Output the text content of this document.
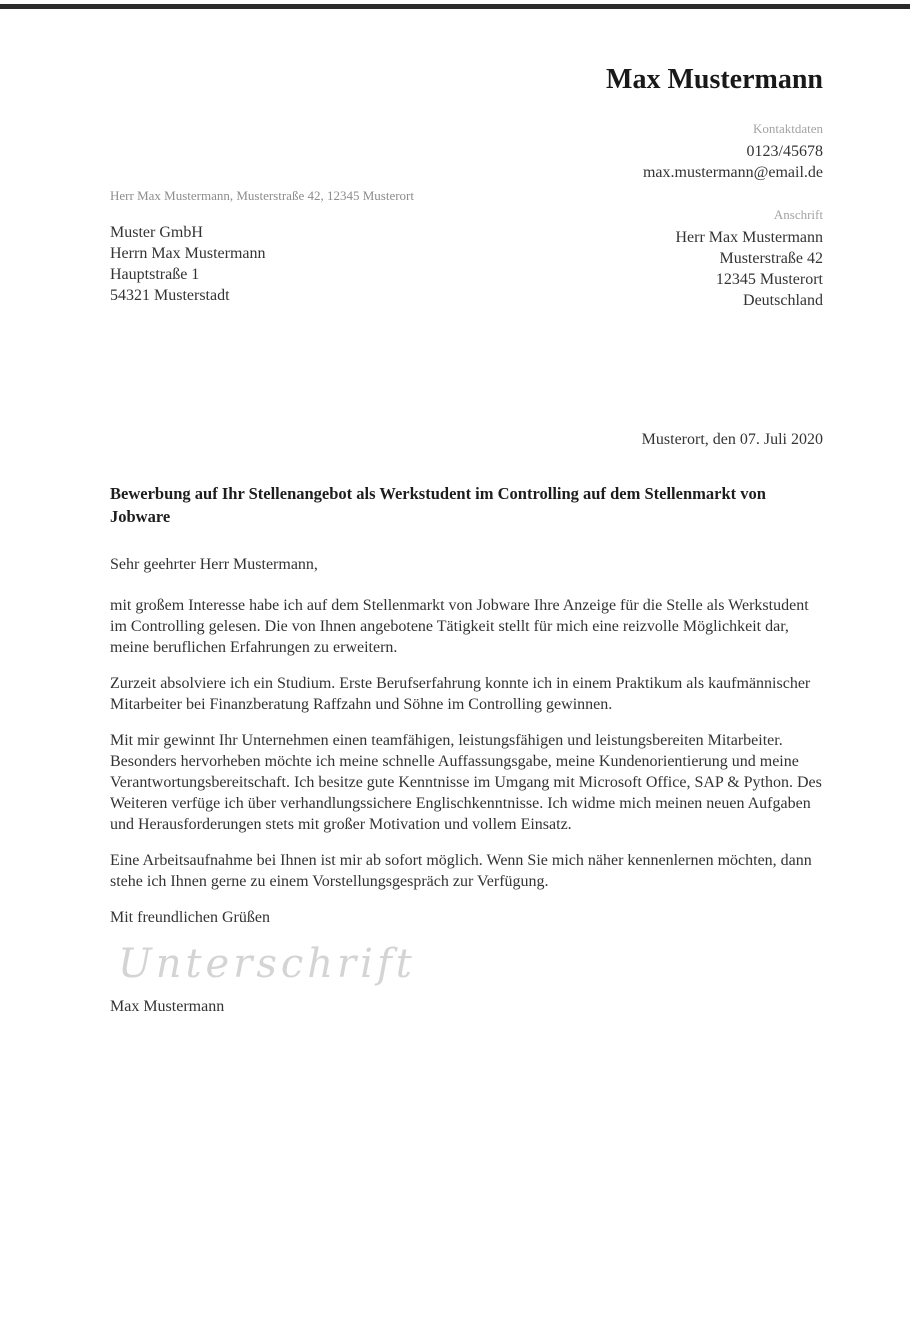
Max Mustermann
Kontaktdaten
0123/45678
max.mustermann@email.de
Herr Max Mustermann, Musterstraße 42, 12345 Musterort
Muster GmbH
Herrn Max Mustermann
Hauptstraße 1
54321 Musterstadt
Anschrift
Herr Max Mustermann
Musterstraße 42
12345 Musterort
Deutschland
Musterort, den 07. Juli 2020
Bewerbung auf Ihr Stellenangebot als Werkstudent im Controlling auf dem Stellenmarkt von Jobware
Sehr geehrter Herr Mustermann,

mit großem Interesse habe ich auf dem Stellenmarkt von Jobware Ihre Anzeige für die Stelle als Werkstudent im Controlling gelesen. Die von Ihnen angebotene Tätigkeit stellt für mich eine reizvolle Möglichkeit dar, meine beruflichen Erfahrungen zu erweitern.

Zurzeit absolviere ich ein Studium. Erste Berufserfahrung konnte ich in einem Praktikum als kaufmännischer Mitarbeiter bei Finanzberatung Raffzahn und Söhne im Controlling gewinnen.

Mit mir gewinnt Ihr Unternehmen einen teamfähigen, leistungsfähigen und leistungsbereiten Mitarbeiter. Besonders hervorheben möchte ich meine schnelle Auffassungsgabe, meine Kundenorientierung und meine Verantwortungsbereitschaft. Ich besitze gute Kenntnisse im Umgang mit Microsoft Office, SAP & Python. Des Weiteren verfüge ich über verhandlungssichere Englischkenntnisse. Ich widme mich meinen neuen Aufgaben und Herausforderungen stets mit großer Motivation und vollem Einsatz.

Eine Arbeitsaufnahme bei Ihnen ist mir ab sofort möglich. Wenn Sie mich näher kennenlernen möchten, dann stehe ich Ihnen gerne zu einem Vorstellungsgespräch zur Verfügung.

Mit freundlichen Grüßen
Unterschrift
Max Mustermann
